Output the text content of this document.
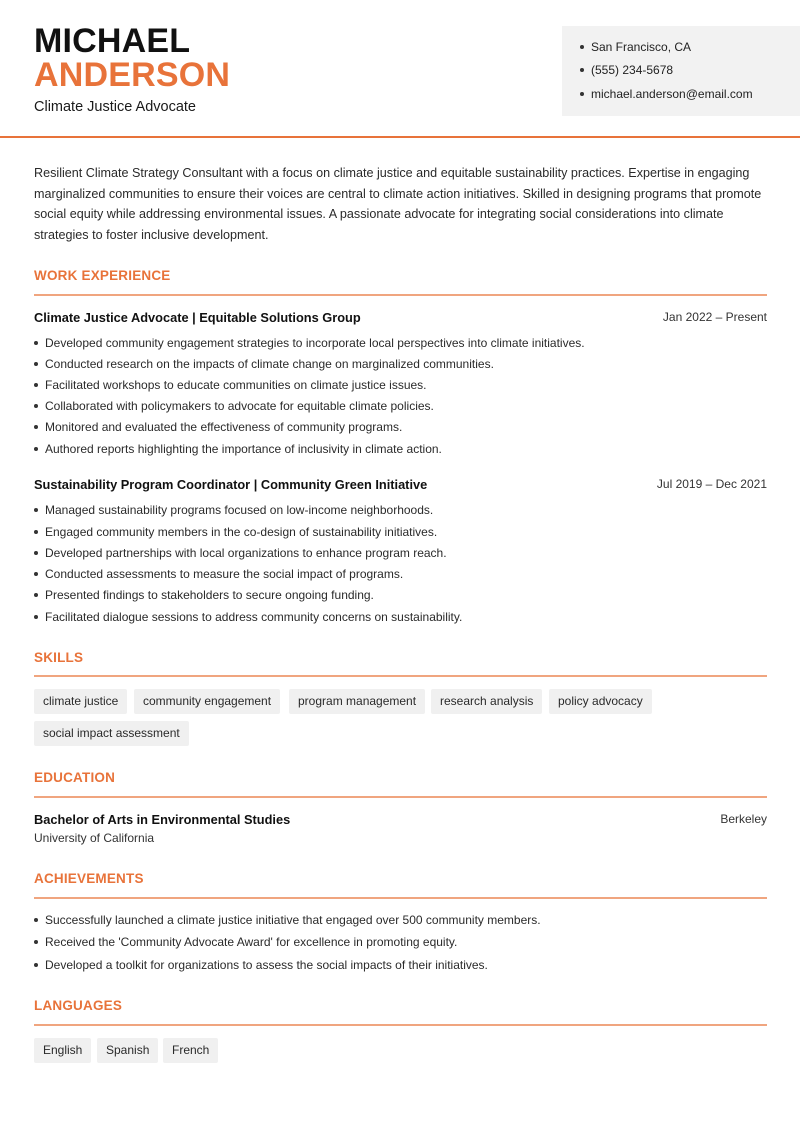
MICHAEL
ANDERSON
Climate Justice Advocate
San Francisco, CA
(555) 234-5678
michael.anderson@email.com
Resilient Climate Strategy Consultant with a focus on climate justice and equitable sustainability practices. Expertise in engaging marginalized communities to ensure their voices are central to climate action initiatives. Skilled in designing programs that promote social equity while addressing environmental issues. A passionate advocate for integrating social considerations into climate strategies to foster inclusive development.
WORK EXPERIENCE
Climate Justice Advocate | Equitable Solutions Group	Jan 2022 – Present
Developed community engagement strategies to incorporate local perspectives into climate initiatives.
Conducted research on the impacts of climate change on marginalized communities.
Facilitated workshops to educate communities on climate justice issues.
Collaborated with policymakers to advocate for equitable climate policies.
Monitored and evaluated the effectiveness of community programs.
Authored reports highlighting the importance of inclusivity in climate action.
Sustainability Program Coordinator | Community Green Initiative	Jul 2019 – Dec 2021
Managed sustainability programs focused on low-income neighborhoods.
Engaged community members in the co-design of sustainability initiatives.
Developed partnerships with local organizations to enhance program reach.
Conducted assessments to measure the social impact of programs.
Presented findings to stakeholders to secure ongoing funding.
Facilitated dialogue sessions to address community concerns on sustainability.
SKILLS
climate justice	community engagement	program management	research analysis	policy advocacy
social impact assessment
EDUCATION
Bachelor of Arts in Environmental Studies	Berkeley
University of California
ACHIEVEMENTS
Successfully launched a climate justice initiative that engaged over 500 community members.
Received the 'Community Advocate Award' for excellence in promoting equity.
Developed a toolkit for organizations to assess the social impacts of their initiatives.
LANGUAGES
English	Spanish	French
